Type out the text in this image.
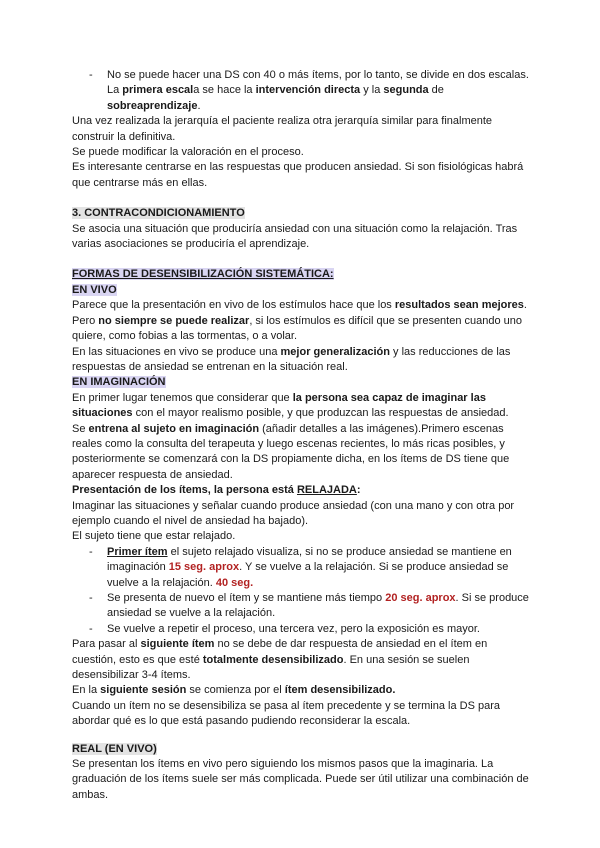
- No se puede hacer una DS con 40 o más ítems, por lo tanto, se divide en dos escalas. La primera escala se hace la intervención directa y la segunda de sobreaprendizaje.

Una vez realizada la jerarquía el paciente realiza otra jerarquía similar para finalmente construir la definitiva.

Se puede modificar la valoración en el proceso.

Es interesante centrarse en las respuestas que producen ansiedad. Si son fisiológicas habrá que centrarse más en ellas.

3. CONTRACONDICIONAMIENTO

Se asocia una situación que produciría ansiedad con una situación como la relajación. Tras varias asociaciones se produciría el aprendizaje.

FORMAS DE DESENSIBILIZACIÓN SISTEMÁTICA:

EN VIVO

Parece que la presentación en vivo de los estímulos hace que los resultados sean mejores. Pero no siempre se puede realizar, si los estímulos es difícil que se presenten cuando uno quiere, como fobias a las tormentas, o a volar.

En las situaciones en vivo se produce una mejor generalización y las reducciones de las respuestas de ansiedad se entrenan en la situación real.

EN IMAGINACIÓN

En primer lugar tenemos que considerar que la persona sea capaz de imaginar las situaciones con el mayor realismo posible, y que produzcan las respuestas de ansiedad.

Se entrena al sujeto en imaginación (añadir detalles a las imágenes).Primero escenas reales como la consulta del terapeuta y luego escenas recientes, lo más ricas posibles, y posteriormente se comenzará con la DS propiamente dicha, en los ítems de DS tiene que aparecer respuesta de ansiedad.

Presentación de los ítems, la persona está RELAJADA:

Imaginar las situaciones y señalar cuando produce ansiedad (con una mano y con otra por ejemplo cuando el nivel de ansiedad ha bajado).

El sujeto tiene que estar relajado.

- Primer ítem el sujeto relajado visualiza, si no se produce ansiedad se mantiene en imaginación 15 seg. aprox. Y se vuelve a la relajación. Si se produce ansiedad se vuelve a la relajación. 40 seg.

- Se presenta de nuevo el ítem y se mantiene más tiempo 20 seg. aprox. Si se produce ansiedad se vuelve a la relajación.

- Se vuelve a repetir el proceso, una tercera vez, pero la exposición es mayor.

Para pasar al siguiente ítem no se debe de dar respuesta de ansiedad en el ítem en cuestión, esto es que esté totalmente desensibilizado. En una sesión se suelen desensibilizar 3-4 ítems.

En la siguiente sesión se comienza por el ítem desensibilizado.

Cuando un ítem no se desensibiliza se pasa al ítem precedente y se termina la DS para abordar qué es lo que está pasando pudiendo reconsiderar la escala.

REAL (EN VIVO)

Se presentan los ítems en vivo pero siguiendo los mismos pasos que la imaginaria. La graduación de los ítems suele ser más complicada. Puede ser útil utilizar una combinación de ambas.
